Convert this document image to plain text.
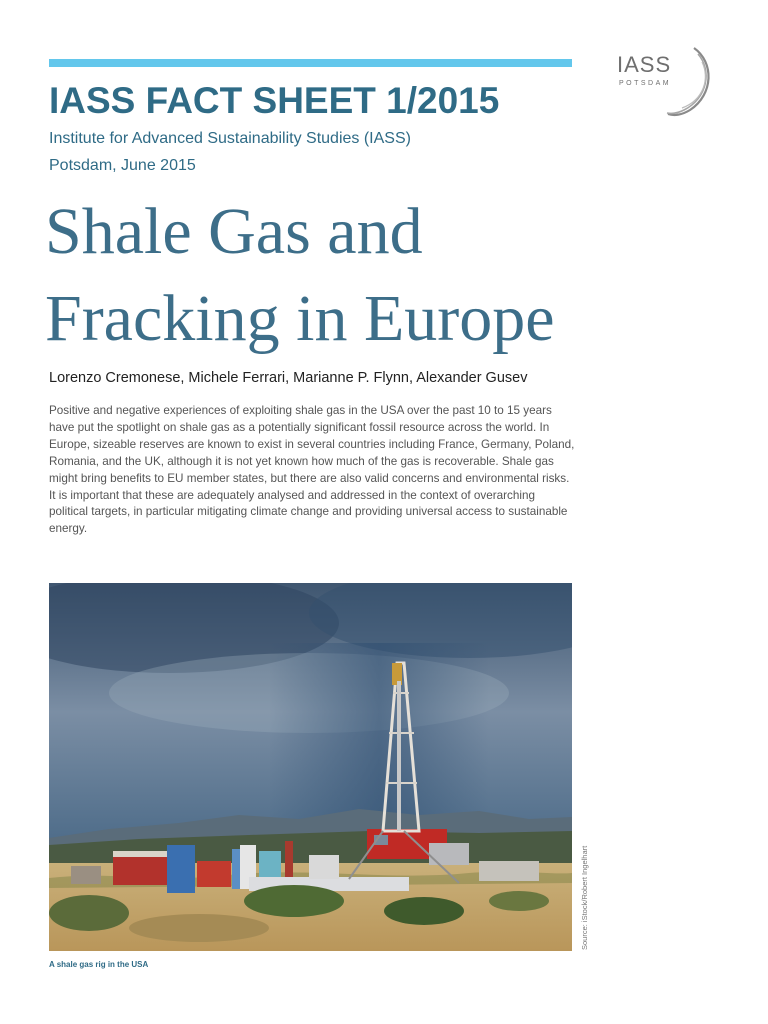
IASS
POTSDAM
IASS FACT SHEET 1/2015

Institute for Advanced Sustainability Studies (IASS)

Potsdam, June 2015

Shale Gas and
Fracking in Europe

Lorenzo Cremonese, Michele Ferrari, Marianne P. Flynn, Alexander Gusev

Positive and negative experiences of exploiting shale gas in the USA over the past 10 to 15 years have put the spotlight on shale gas as a potentially significant fossil resource across the world. In Europe, sizeable reserves are known to exist in several countries including France, Germany, Poland, Romania, and the UK, although it is not yet known how much of the gas is recoverable. Shale gas might bring benefits to EU member states, but there are also valid concerns and environmental risks. It is important that these are adequately analysed and addressed in the context of overarching political targets, in particular mitigating climate change and providing universal access to sustainable energy.

Source: iStock/Robert Ingelhart

A shale gas rig in the USA
